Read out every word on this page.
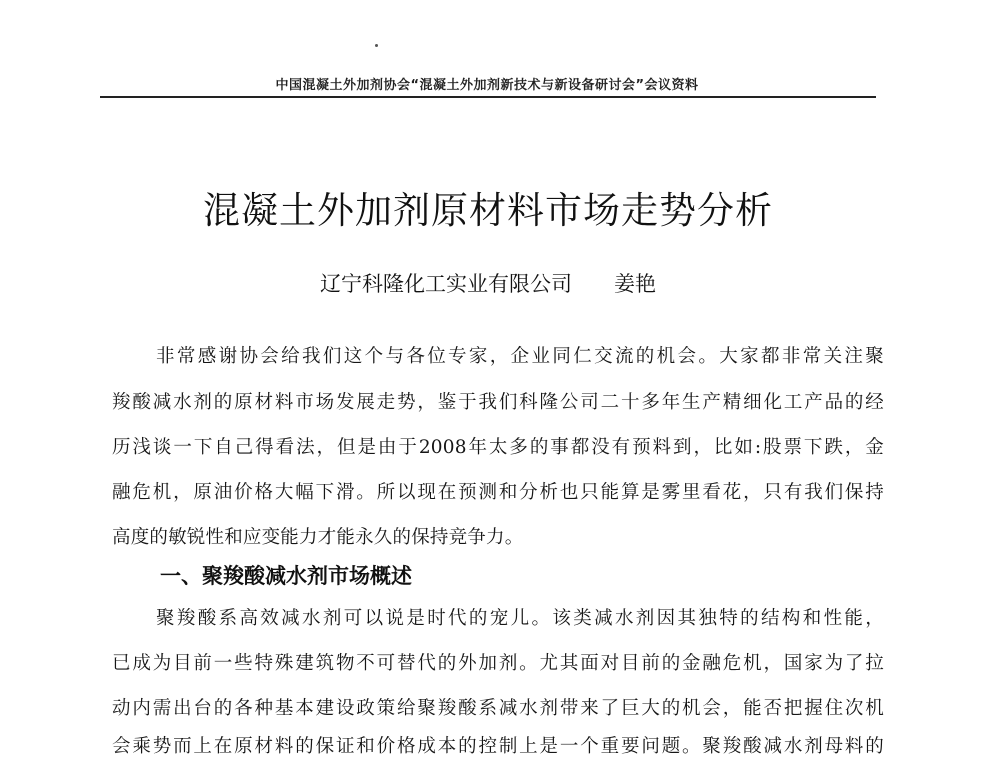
中国混凝土外加剂协会“混凝土外加剂新技术与新设备研讨会”会议资料
混凝土外加剂原材料市场走势分析
辽宁科隆化工实业有限公司 姜艳
非常感谢协会给我们这个与各位专家，企业同仁交流的机会。大家都非常关注聚
羧酸减水剂的原材料市场发展走势，鉴于我们科隆公司二十多年生产精细化工产品的经
历浅谈一下自己得看法，但是由于2008年太多的事都没有预料到，比如:股票下跌，金
融危机，原油价格大幅下滑。所以现在预测和分析也只能算是雾里看花，只有我们保持
高度的敏锐性和应变能力才能永久的保持竞争力。
一、聚羧酸减水剂市场概述
聚羧酸系高效减水剂可以说是时代的宠儿。该类减水剂因其独特的结构和性能，
已成为目前一些特殊建筑物不可替代的外加剂。尤其面对目前的金融危机，国家为了拉
动内需出台的各种基本建设政策给聚羧酸系减水剂带来了巨大的机会，能否把握住次机
会乘势而上在原材料的保证和价格成本的控制上是一个重要问题。聚羧酸减水剂母料的
